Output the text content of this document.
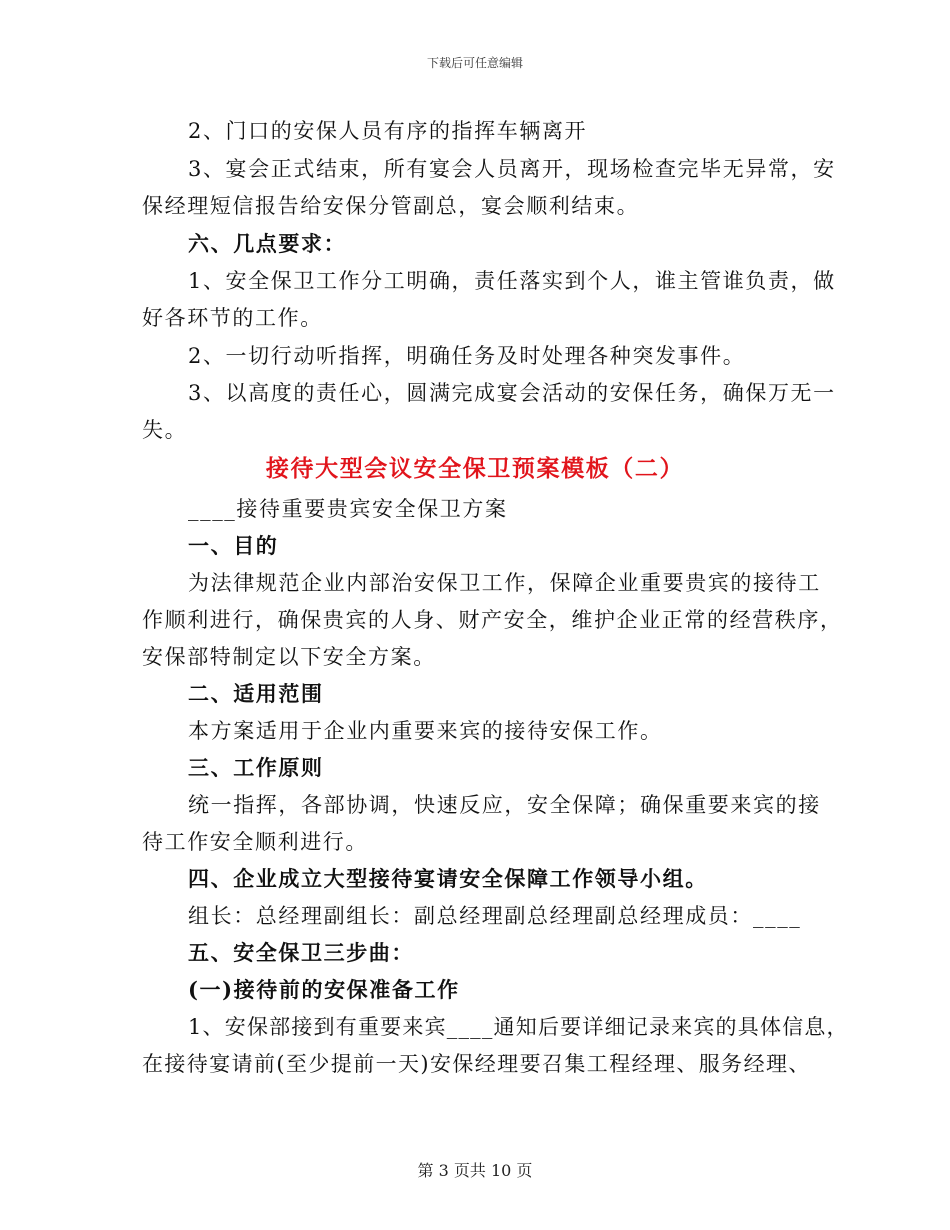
下载后可任意编辑
2、门口的安保人员有序的指挥车辆离开
3、宴会正式结束，所有宴会人员离开，现场检查完毕无异常，安
保经理短信报告给安保分管副总，宴会顺利结束。
六、几点要求：
1、安全保卫工作分工明确，责任落实到个人，谁主管谁负责，做
好各环节的工作。
2、一切行动听指挥，明确任务及时处理各种突发事件。
3、以高度的责任心，圆满完成宴会活动的安保任务，确保万无一
失。
接待大型会议安全保卫预案模板（二）
____接待重要贵宾安全保卫方案
一、目的
为法律规范企业内部治安保卫工作，保障企业重要贵宾的接待工
作顺利进行，确保贵宾的人身、财产安全，维护企业正常的经营秩序，
安保部特制定以下安全方案。
二、适用范围
本方案适用于企业内重要来宾的接待安保工作。
三、工作原则
统一指挥，各部协调，快速反应，安全保障；确保重要来宾的接
待工作安全顺利进行。
四、企业成立大型接待宴请安全保障工作领导小组。
组长：总经理副组长：副总经理副总经理副总经理成员：____
五、安全保卫三步曲：
(一)接待前的安保准备工作
1、安保部接到有重要来宾____通知后要详细记录来宾的具体信息，
在接待宴请前(至少提前一天)安保经理要召集工程经理、服务经理、
第 3 页共 10 页
